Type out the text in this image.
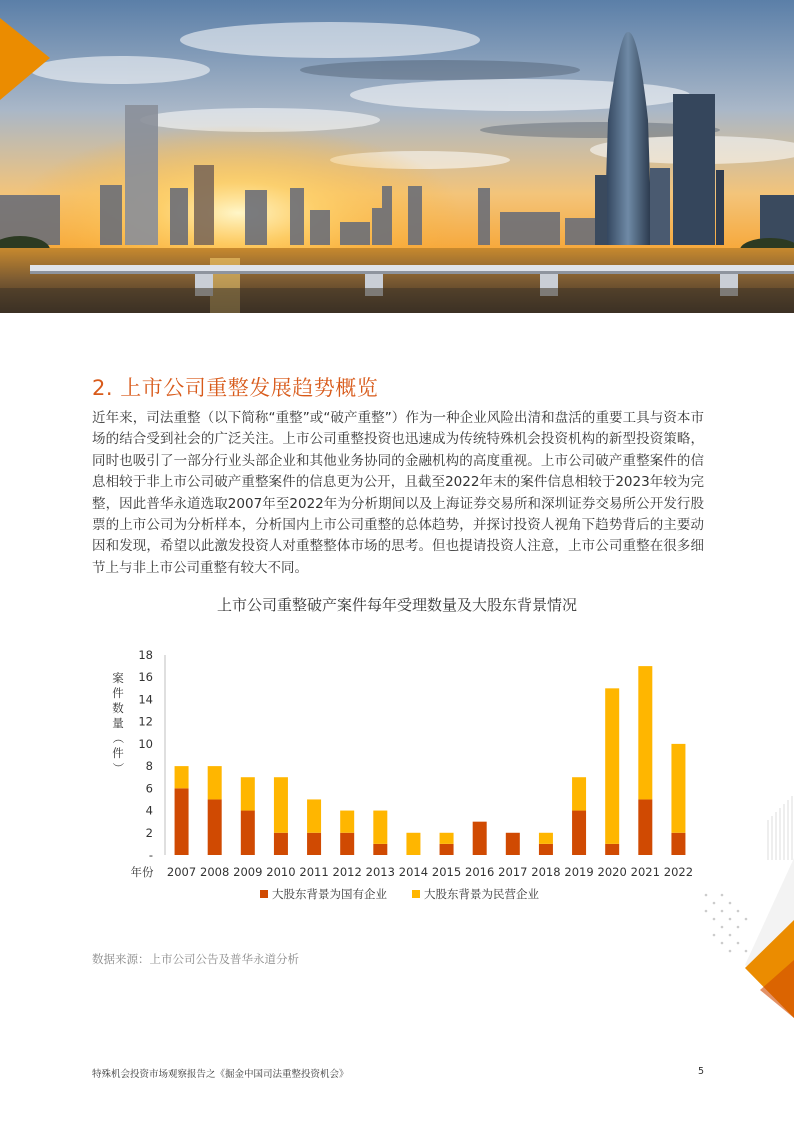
2. 上市公司重整发展趋势概览
近年来，司法重整（以下简称“重整”或“破产重整”）作为一种企业风险出清和盘活的重要工具与资本市场的结合受到社会的广泛关注。上市公司重整投资也迅速成为传统特殊机会投资机构的新型投资策略，同时也吸引了一部分行业头部企业和其他业务协同的金融机构的高度重视。上市公司破产重整案件的信息相较于非上市公司破产重整案件的信息更为公开，且截至2022年末的案件信息相较于2023年较为完整，因此普华永道选取2007年至2022年为分析期间以及上海证券交易所和深圳证券交易所公开发行股票的上市公司为分析样本，分析国内上市公司重整的总体趋势，并探讨投资人视角下趋势背后的主要动因和发现，希望以此激发投资人对重整整体市场的思考。但也提请投资人注意，上市公司重整在很多细节上与非上市公司重整有较大不同。
上市公司重整破产案件每年受理数量及大股东背景情况
-
2
4
6
8
10
12
14
16
18
案
件
数
量
（
件
）
年份 2007 2008 2009 2010 2011 2012 2013 2014 2015 2016 2017 2018 2019 2020 2021 2022
大股东背景为国有企业	大股东背景为民营企业
数据来源：上市公司公告及普华永道分析
特殊机会投资市场观察报告之《掘金中国司法重整投资机会》	5
